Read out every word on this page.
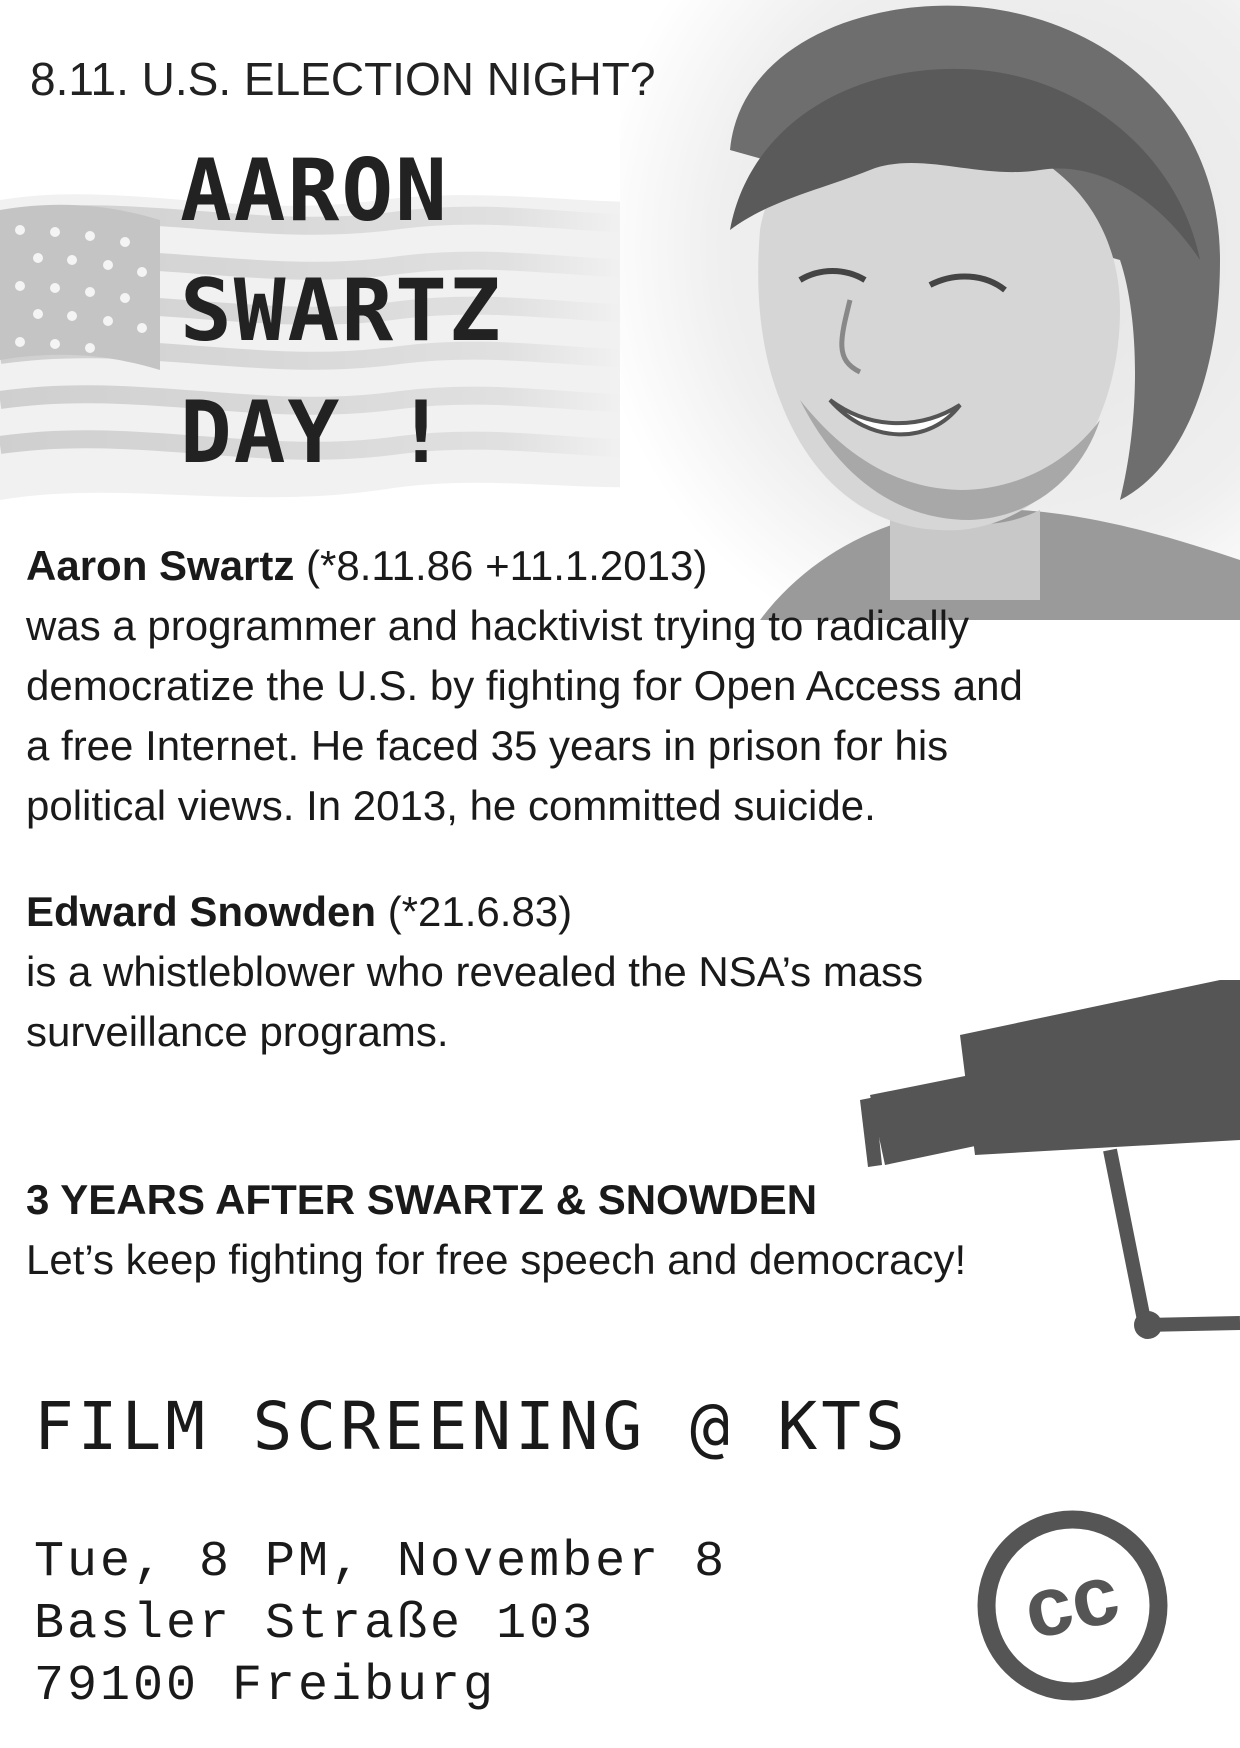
8.11. U.S. ELECTION NIGHT?
AARON
SWARTZ
DAY !
Aaron Swartz (*8.11.86 +11.1.2013)
was a programmer and hacktivist trying to radically
democratize the U.S. by fighting for Open Access and
a free Internet. He faced 35 years in prison for his
political views. In 2013, he committed suicide.
Edward Snowden (*21.6.83)
is a whistleblower who revealed the NSA’s mass
surveillance programs.
3 YEARS AFTER SWARTZ & SNOWDEN
Let’s keep fighting for free speech and democracy!
FILM SCREENING @ KTS
Tue, 8 PM, November 8
Basler Straße 103
79100 Freiburg
cc
